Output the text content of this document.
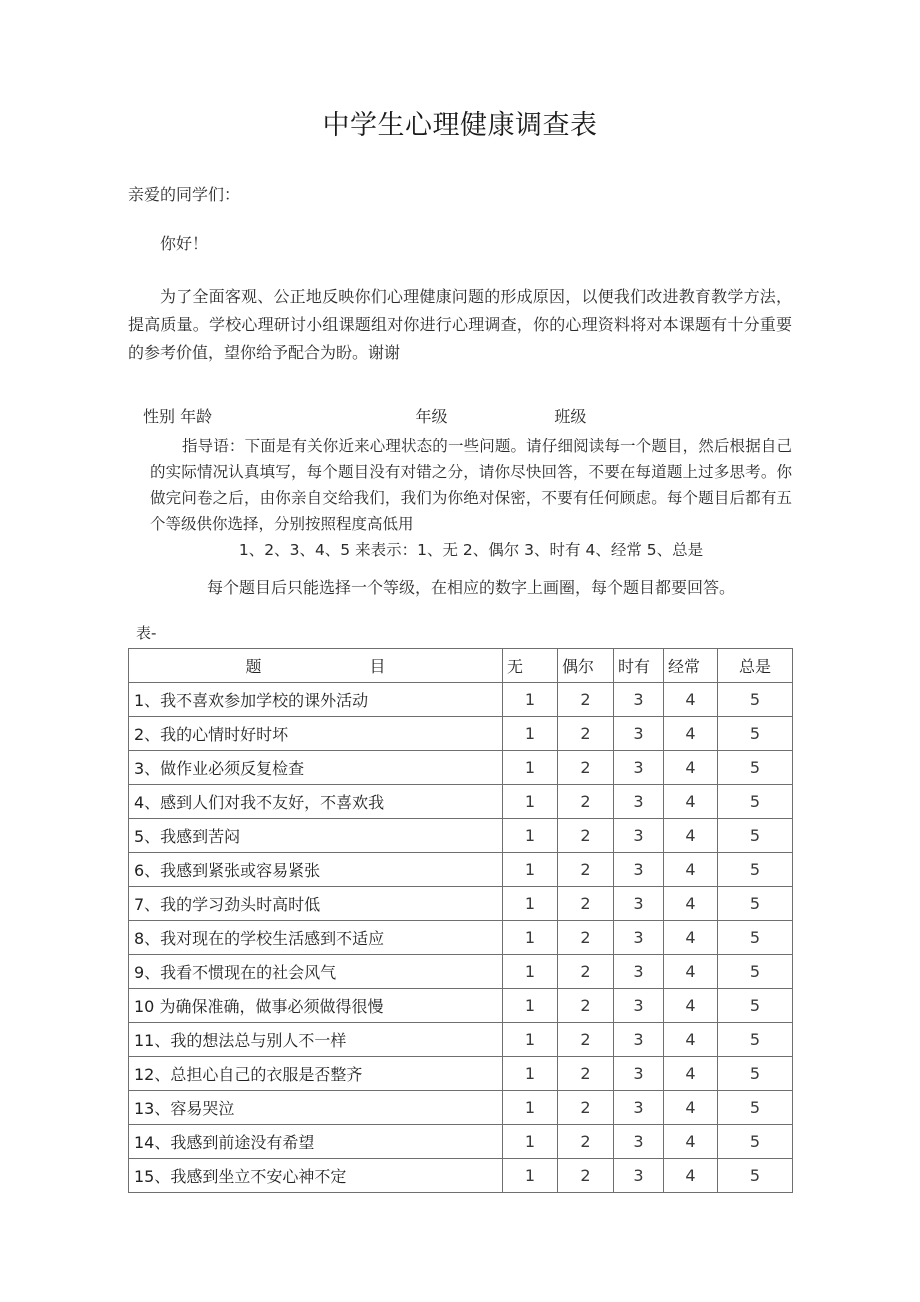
中学生心理健康调查表
亲爱的同学们：
你好！
为了全面客观、公正地反映你们心理健康问题的形成原因，以便我们改进教育教学方法，提高质量。学校心理研讨小组课题组对你进行心理调查，你的心理资料将对本课题有十分重要的参考价值，望你给予配合为盼。谢谢
性别 年龄                                        年级                     班级

指导语：下面是有关你近来心理状态的一些问题。请仔细阅读每一个题目，然后根据自己的实际情况认真填写，每个题目没有对错之分，请你尽快回答，不要在每道题上过多思考。你做完问卷之后，由你亲自交给我们，我们为你绝对保密，不要有任何顾虑。每个题目后都有五个等级供你选择，分别按照程度高低用

1、2、3、4、5 来表示：1、无 2、偶尔 3、时有 4、经常 5、总是

每个题目后只能选择一个等级，在相应的数字上画圈，每个题目都要回答。
表-
题 目	无	偶尔	时有	经常	总是
1、我不喜欢参加学校的课外活动	1	2	3	4	5
2、我的心情时好时坏	1	2	3	4	5
3、做作业必须反复检查	1	2	3	4	5
4、感到人们对我不友好，不喜欢我	1	2	3	4	5
5、我感到苦闷	1	2	3	4	5
6、我感到紧张或容易紧张	1	2	3	4	5
7、我的学习劲头时高时低	1	2	3	4	5
8、我对现在的学校生活感到不适应	1	2	3	4	5
9、我看不惯现在的社会风气	1	2	3	4	5
10 为确保准确，做事必须做得很慢	1	2	3	4	5
11、我的想法总与别人不一样	1	2	3	4	5
12、总担心自己的衣服是否整齐	1	2	3	4	5
13、容易哭泣	1	2	3	4	5
14、我感到前途没有希望	1	2	3	4	5
15、我感到坐立不安心神不定	1	2	3	4	5
